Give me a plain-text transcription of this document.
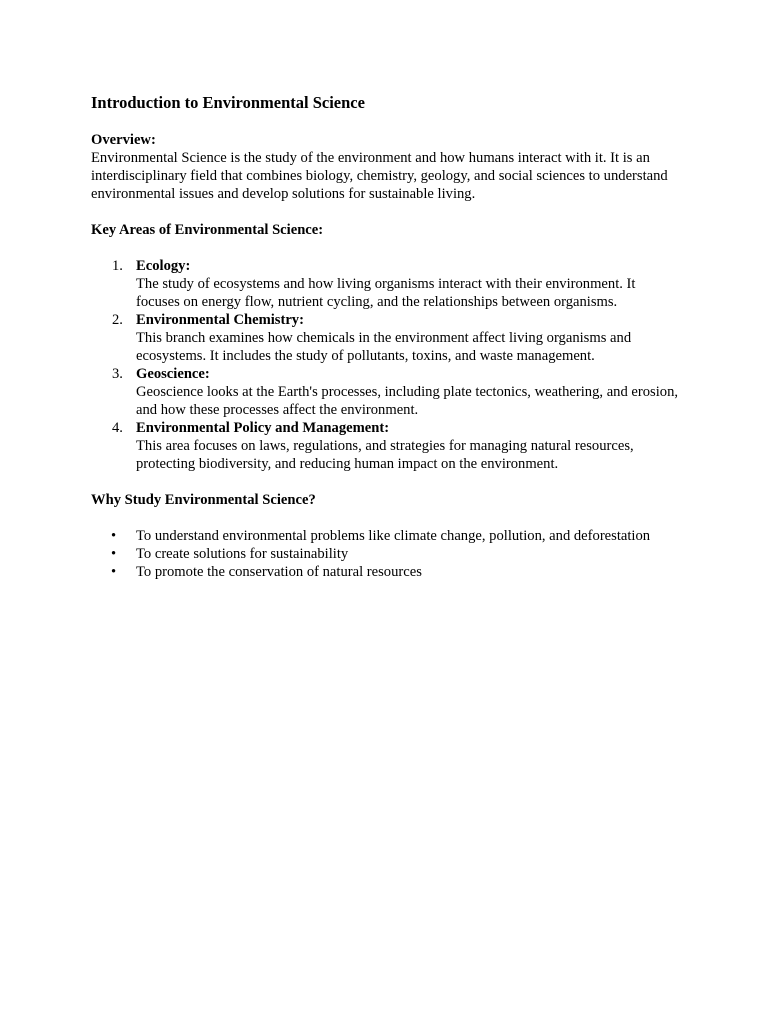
Introduction to Environmental Science
Overview:

Environmental Science is the study of the environment and how humans interact with it. It is an interdisciplinary field that combines biology, chemistry, geology, and social sciences to understand environmental issues and develop solutions for sustainable living.

Key Areas of Environmental Science:
1. Ecology:
The study of ecosystems and how living organisms interact with their environment. It focuses on energy flow, nutrient cycling, and the relationships between organisms.
2. Environmental Chemistry:
This branch examines how chemicals in the environment affect living organisms and ecosystems. It includes the study of pollutants, toxins, and waste management.
3. Geoscience:
Geoscience looks at the Earth's processes, including plate tectonics, weathering, and erosion, and how these processes affect the environment.
4. Environmental Policy and Management:
This area focuses on laws, regulations, and strategies for managing natural resources, protecting biodiversity, and reducing human impact on the environment.
Why Study Environmental Science?
• To understand environmental problems like climate change, pollution, and deforestation
• To create solutions for sustainability
• To promote the conservation of natural resources
